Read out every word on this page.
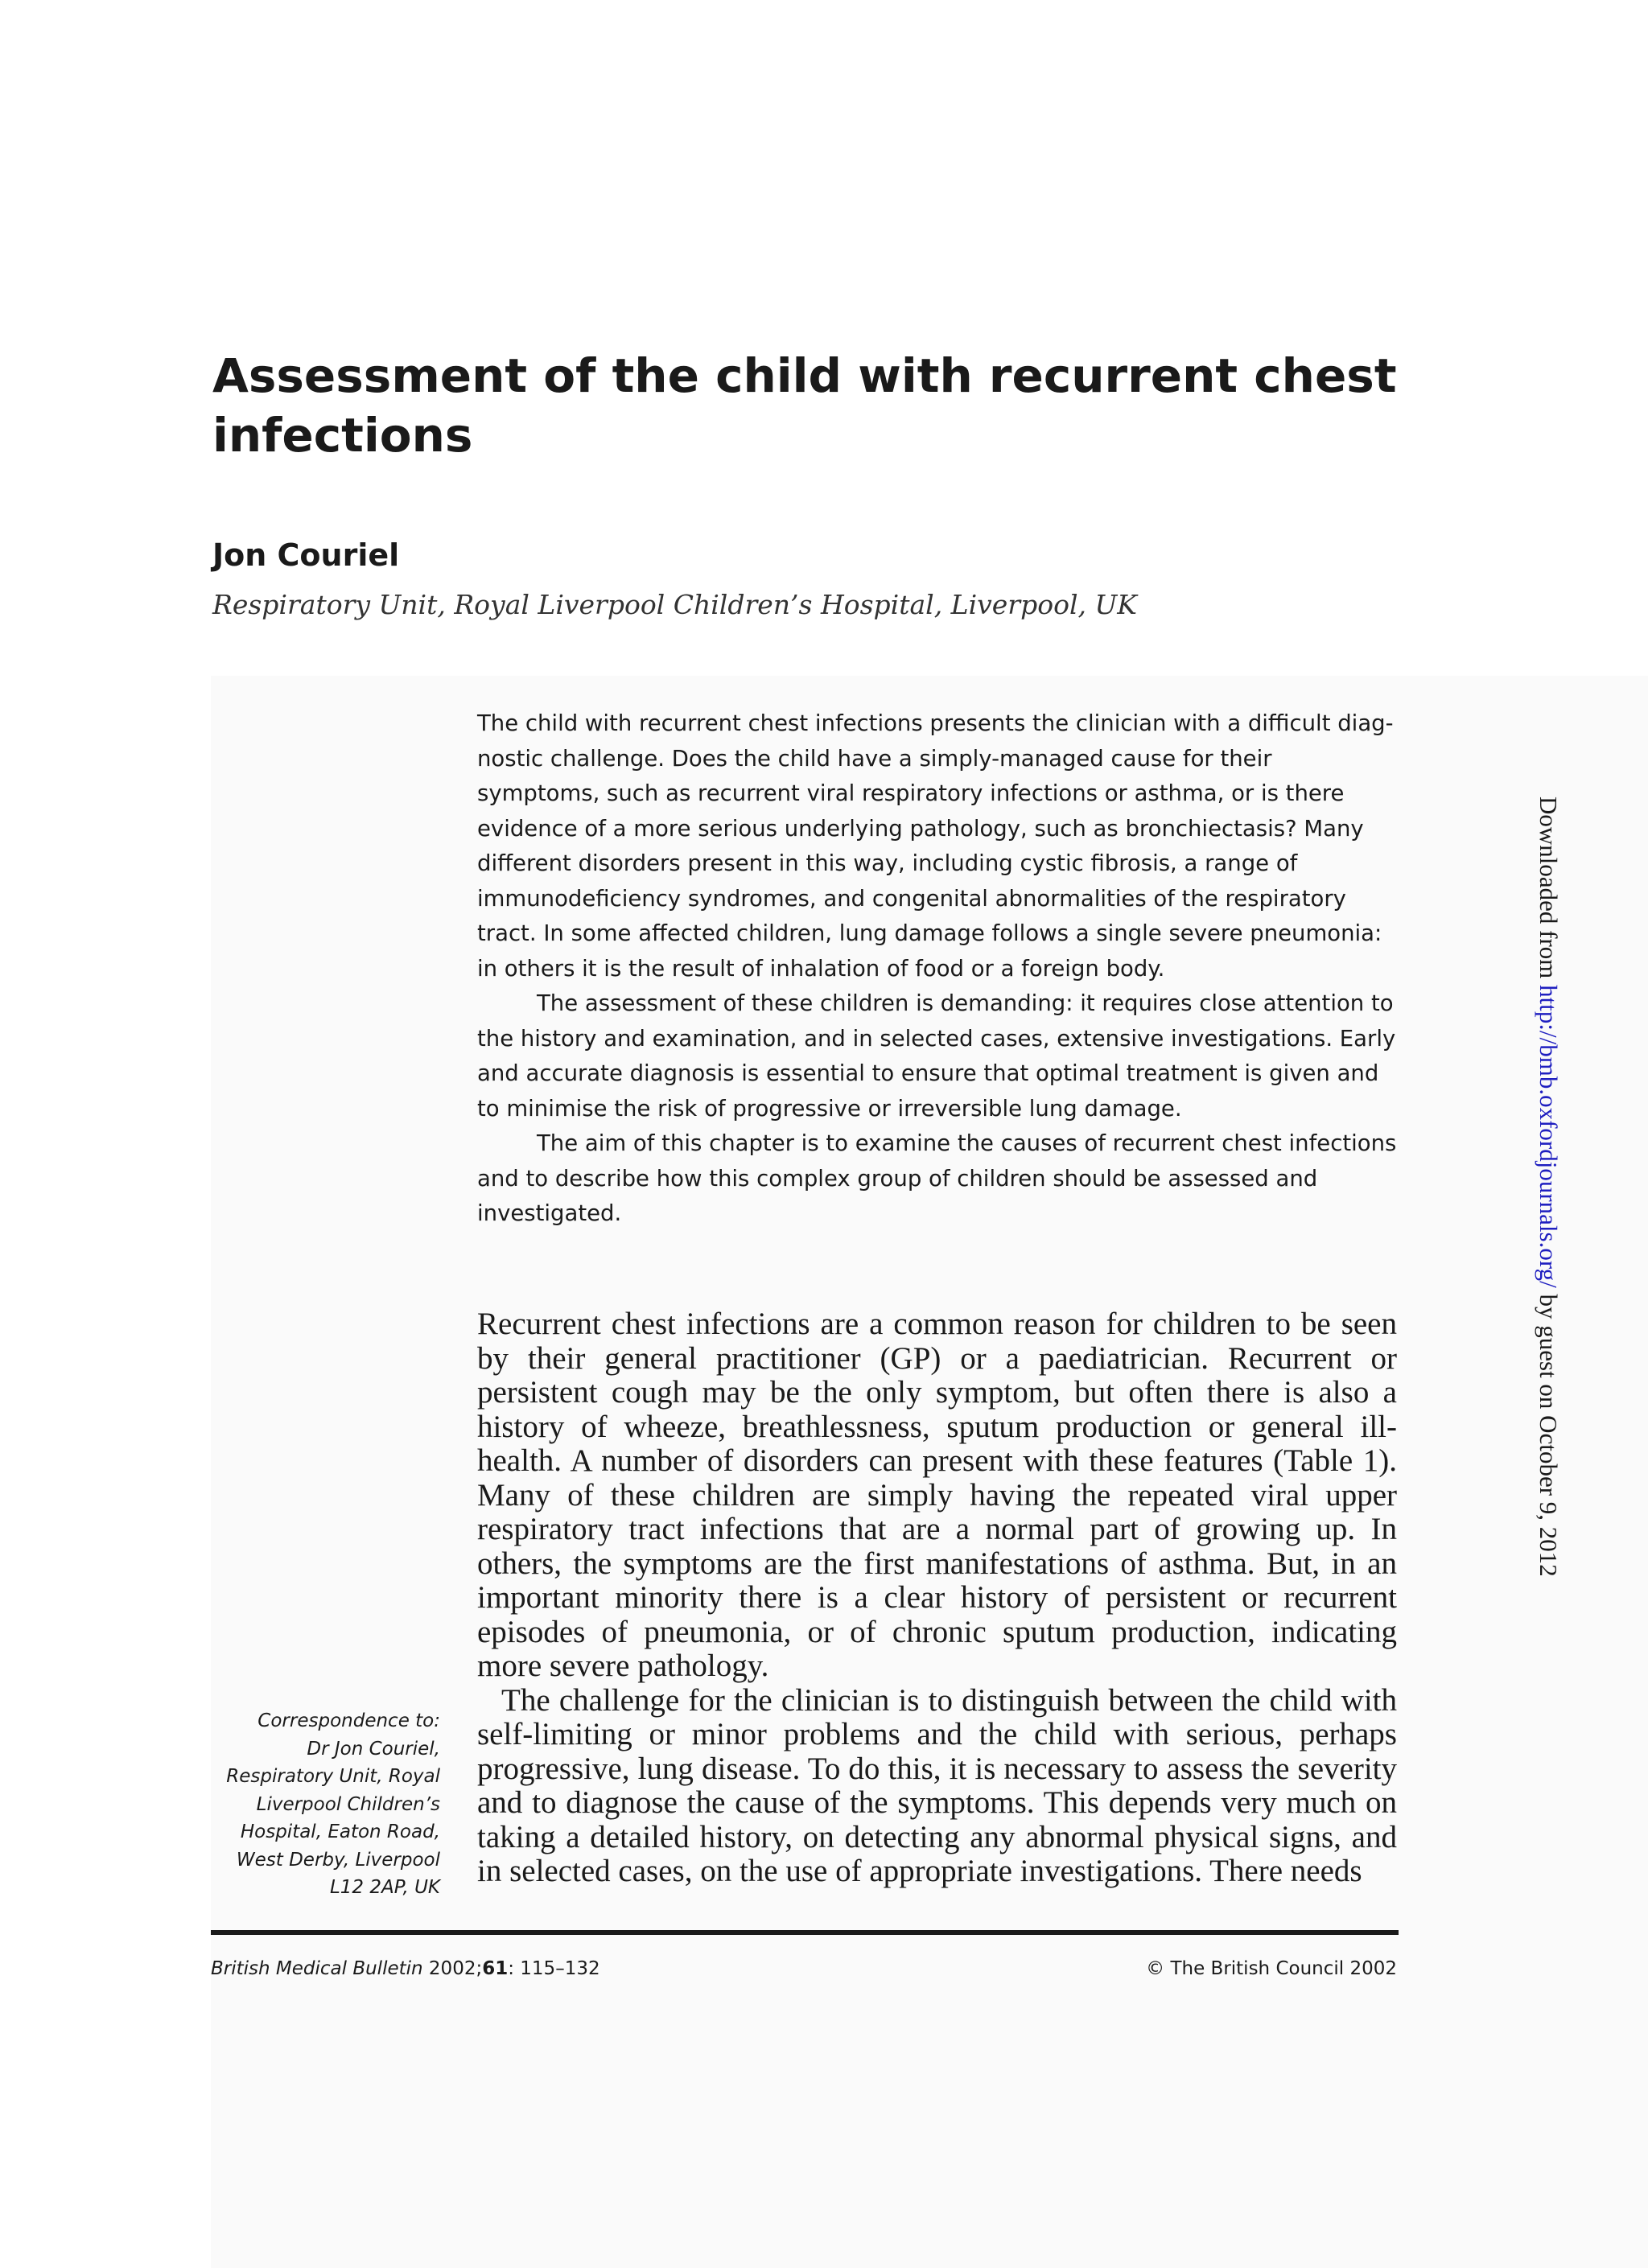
Assessment of the child with recurrent chest
infections
Jon Couriel
Respiratory Unit, Royal Liverpool Children’s Hospital, Liverpool, UK

The child with recurrent chest infections presents the clinician with a difficult diag-nostic challenge. Does the child have a simply-managed cause for their symptoms, such as recurrent viral respiratory infections or asthma, or is there evidence of a more serious underlying pathology, such as bronchiectasis? Many different disorders present in this way, including cystic fibrosis, a range of immunodeficiency syndromes, and congenital abnormalities of the respiratory tract. In some affected children, lung damage follows a single severe pneumonia: in others it is the result of inhalation of food or a foreign body.

The assessment of these children is demanding: it requires close attention to the history and examination, and in selected cases, extensive investigations. Early and accurate diagnosis is essential to ensure that optimal treatment is given and to minimise the risk of progressive or irreversible lung damage.

The aim of this chapter is to examine the causes of recurrent chest infections and to describe how this complex group of children should be assessed and investigated.

Recurrent chest infections are a common reason for children to be seen by their general practitioner (GP) or a paediatrician. Recurrent or persistent cough may be the only symptom, but often there is also a history of wheeze, breathlessness, sputum production or general ill-health. A number of disorders can present with these features (Table 1). Many of these children are simply having the repeated viral upper respiratory tract infections that are a normal part of growing up. In others, the symptoms are the first manifestations of asthma. But, in an important minority there is a clear history of persistent or recurrent episodes of pneumonia, or of chronic sputum production, indicating more severe pathology.

The challenge for the clinician is to distinguish between the child with self-limiting or minor problems and the child with serious, perhaps progressive, lung disease. To do this, it is necessary to assess the severity and to diagnose the cause of the symptoms. This depends very much on taking a detailed history, on detecting any abnormal physical signs, and in selected cases, on the use of appropriate investigations. There needs

Correspondence to:
Dr Jon Couriel,
Respiratory Unit, Royal
Liverpool Children’s
Hospital, Eaton Road,
West Derby, Liverpool
L12 2AP, UK
British Medical Bulletin 2002;61: 115–132	© The British Council 2002
Downloaded from http://bmb.oxfordjournals.org/ by guest on October 9, 2012
